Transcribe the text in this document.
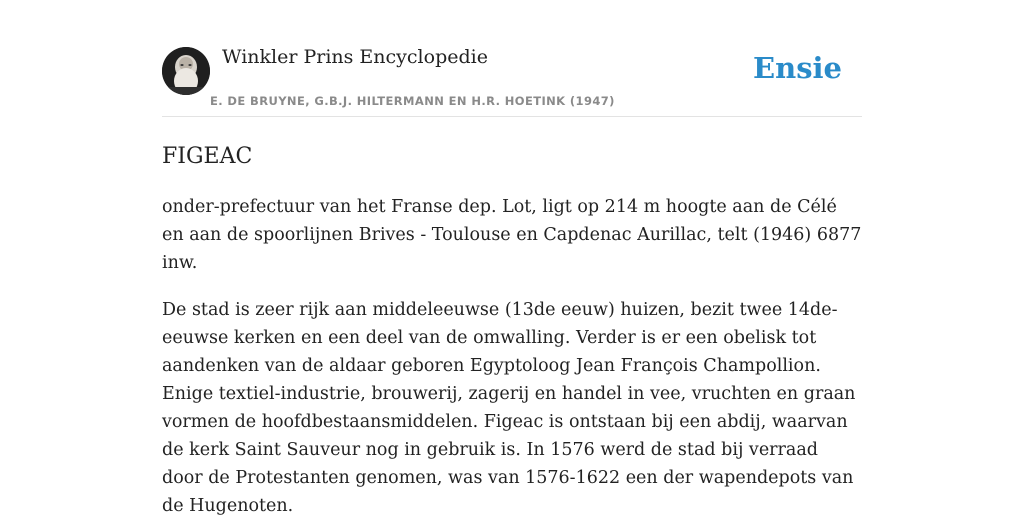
Winkler Prins Encyclopedie
E. DE BRUYNE, G.B.J. HILTERMANN EN H.R. HOETINK (1947)
Ensie
FIGEAC

onder-prefectuur van het Franse dep. Lot, ligt op 214 m hoogte aan de Célé en aan de spoorlijnen Brives - Toulouse en Capdenac Aurillac, telt (1946) 6877 inw.

De stad is zeer rijk aan middeleeuwse (13de eeuw) huizen, bezit twee 14de-eeuwse kerken en een deel van de omwalling. Verder is er een obelisk tot aandenken van de aldaar geboren Egyptoloog Jean François Champollion. Enige textiel-industrie, brouwerij, zagerij en handel in vee, vruchten en graan vormen de hoofdbestaansmiddelen. Figeac is ontstaan bij een abdij, waarvan de kerk Saint Sauveur nog in gebruik is. In 1576 werd de stad bij verraad door de Protestanten genomen, was van 1576-1622 een der wapendepots van de Hugenoten.
